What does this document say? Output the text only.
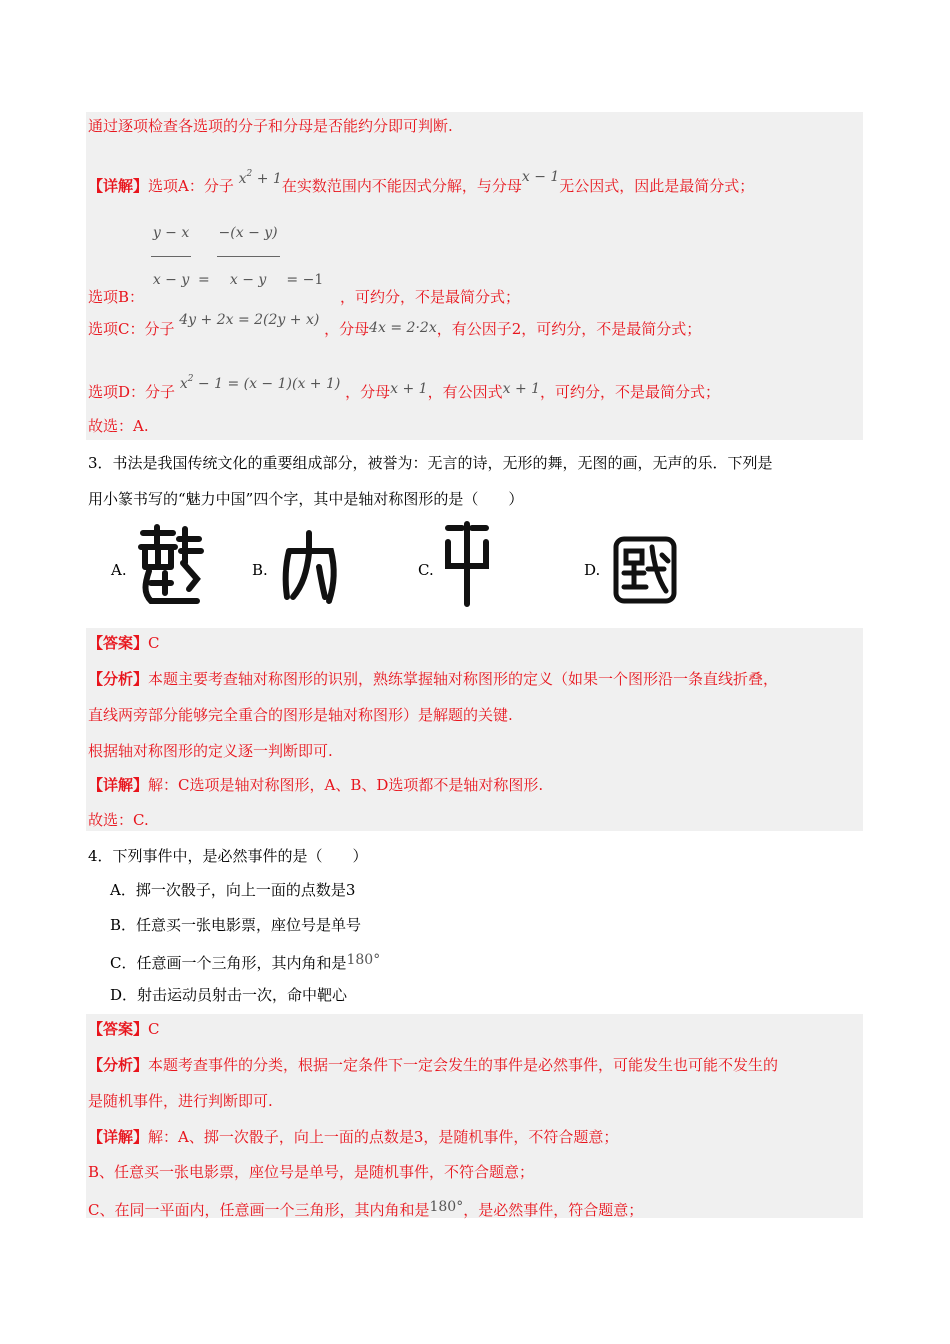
通过逐项检查各选项的分子和分母是否能约分即可判断.
【详解】选项A：分子 $x^2 + 1$在实数范围内不能因式分解，与分母x − 1无公因式，因此是最简分式；
选项B： $\frac{y - x}{x - y} = \frac{-(x - y)}{x - y} = -1$ ，可约分，不是最简分式；
选项C：分子 4y + 2x = 2(2y + x) ，分母4x = 2·2x，有公因子2，可约分，不是最简分式；
选项D：分子 $x^2 - 1 = (x - 1)(x + 1)$ ，分母x + 1，有公因式x + 1，可约分，不是最简分式；
故选：A.
3．书法是我国传统文化的重要组成部分，被誉为：无言的诗，无形的舞，无图的画，无声的乐．下列是
用小篆书写的“魅力中国”四个字，其中是轴对称图形的是（　　）
A.	B.	C.	D.
【答案】C
【分析】本题主要考查轴对称图形的识别，熟练掌握轴对称图形的定义（如果一个图形沿一条直线折叠，
直线两旁部分能够完全重合的图形是轴对称图形）是解题的关键.
根据轴对称图形的定义逐一判断即可.
【详解】解：C选项是轴对称图形，A、B、D选项都不是轴对称图形.
故选：C.
4．下列事件中，是必然事件的是（　　）
A．掷一次骰子，向上一面的点数是3
B．任意买一张电影票，座位号是单号
C．任意画一个三角形，其内角和是180°
D．射击运动员射击一次，命中靶心
【答案】C
【分析】本题考查事件的分类，根据一定条件下一定会发生的事件是必然事件，可能发生也可能不发生的
是随机事件，进行判断即可.
【详解】解：A、掷一次骰子，向上一面的点数是3，是随机事件，不符合题意；
B、任意买一张电影票，座位号是单号，是随机事件，不符合题意；
C、在同一平面内，任意画一个三角形，其内角和是180°，是必然事件，符合题意；
